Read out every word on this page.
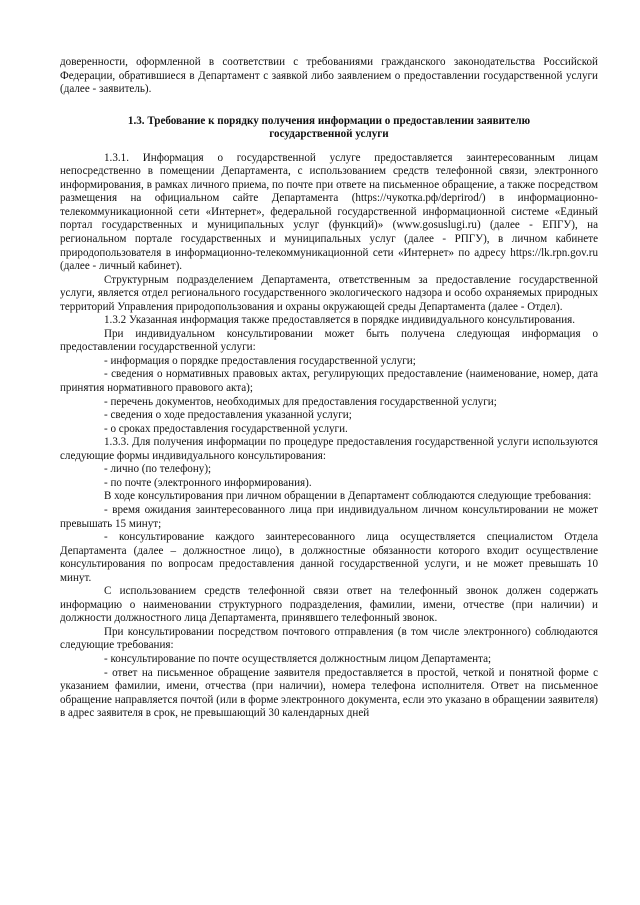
доверенности, оформленной в соответствии с требованиями гражданского законодательства Российской Федерации, обратившиеся в Департамент с заявкой либо заявлением о предоставлении государственной услуги (далее - заявитель).

1.3. Требование к порядку получения информации о предоставлении заявителю государственной услуги

1.3.1. Информация о государственной услуге предоставляется заинтересованным лицам непосредственно в помещении Департамента, с использованием средств телефонной связи, электронного информирования, в рамках личного приема, по почте при ответе на письменное обращение, а также посредством размещения на официальном сайте Департамента (https://чукотка.рф/deprirod/) в информационно-телекоммуникационной сети «Интернет», федеральной государственной информационной системе «Единый портал государственных и муниципальных услуг (функций)» (www.gosuslugi.ru) (далее - ЕПГУ), на региональном портале государственных и муниципальных услуг (далее - РПГУ), в личном кабинете природопользователя в информационно-телекоммуникационной сети «Интернет» по адресу https://lk.rpn.gov.ru (далее - личный кабинет).

Структурным подразделением Департамента, ответственным за предоставление государственной услуги, является отдел регионального государственного экологического надзора и особо охраняемых природных территорий Управления природопользования и охраны окружающей среды Департамента (далее - Отдел).

1.3.2 Указанная информация также предоставляется в порядке индивидуального консультирования.

При индивидуальном консультировании может быть получена следующая информация о предоставлении государственной услуги:

- информация о порядке предоставления государственной услуги;

- сведения о нормативных правовых актах, регулирующих предоставление (наименование, номер, дата принятия нормативного правового акта);

- перечень документов, необходимых для предоставления государственной услуги;

- сведения о ходе предоставления указанной услуги;

- о сроках предоставления государственной услуги.

1.3.3. Для получения информации по процедуре предоставления государственной услуги используются следующие формы индивидуального консультирования:

- лично (по телефону);

- по почте (электронного информирования).

В ходе консультирования при личном обращении в Департамент соблюдаются следующие требования:

- время ожидания заинтересованного лица при индивидуальном личном консультировании не может превышать 15 минут;

- консультирование каждого заинтересованного лица осуществляется специалистом Отдела Департамента (далее – должностное лицо), в должностные обязанности которого входит осуществление консультирования по вопросам предоставления данной государственной услуги, и не может превышать 10 минут.

С использованием средств телефонной связи ответ на телефонный звонок должен содержать информацию о наименовании структурного подразделения, фамилии, имени, отчестве (при наличии) и должности должностного лица Департамента, принявшего телефонный звонок.

При консультировании посредством почтового отправления (в том числе электронного) соблюдаются следующие требования:

- консультирование по почте осуществляется должностным лицом Департамента;

- ответ на письменное обращение заявителя предоставляется в простой, четкой и понятной форме с указанием фамилии, имени, отчества (при наличии), номера телефона исполнителя. Ответ на письменное обращение направляется почтой (или в форме электронного документа, если это указано в обращении заявителя) в адрес заявителя в срок, не превышающий 30 календарных дней
